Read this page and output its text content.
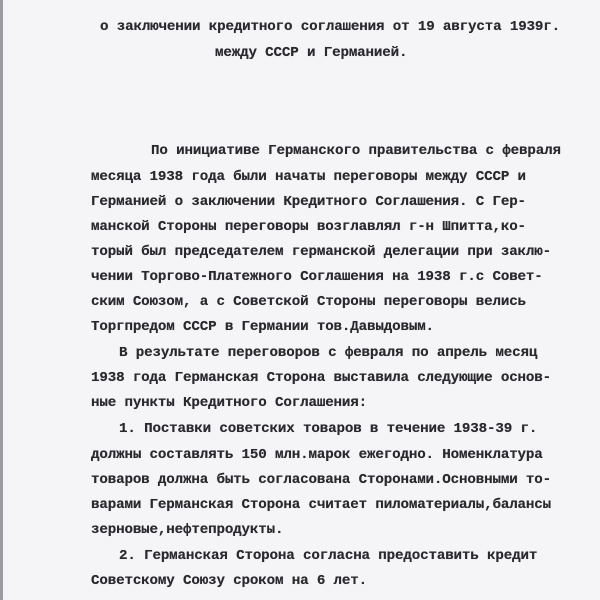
о заключении кредитного соглашения от 19 августа 1939г.
между СССР и Германией.
По инициативе Германского правительства с февраля
месяца 1938 года были начаты переговоры между СССР и
Германией о заключении Кредитного Соглашения. С Гер-
манской Стороны переговоры возглавлял г-н Шпитта,ко-
торый был председателем германской делегации при заклю-
чении Торгово-Платежного Соглашения на 1938 г.с Совет-
ским Союзом, а с Советской Стороны переговоры велись
Торгпредом СССР в Германии тов.Давыдовым.
В результате переговоров с февраля по апрель месяц
1938 года Германская Сторона выставила следующие основ-
ные пункты Кредитного Соглашения:
1. Поставки советских товаров в течение 1938-39 г.
должны составлять 150 млн.марок ежегодно. Номенклатура
товаров должна быть согласована Сторонами.Основными то-
варами Германская Сторона считает пиломатериалы,балансы
зерновые,нефтепродукты.
2. Германская Сторона согласна предоставить кредит
Советскому Союзу сроком на 6 лет.
